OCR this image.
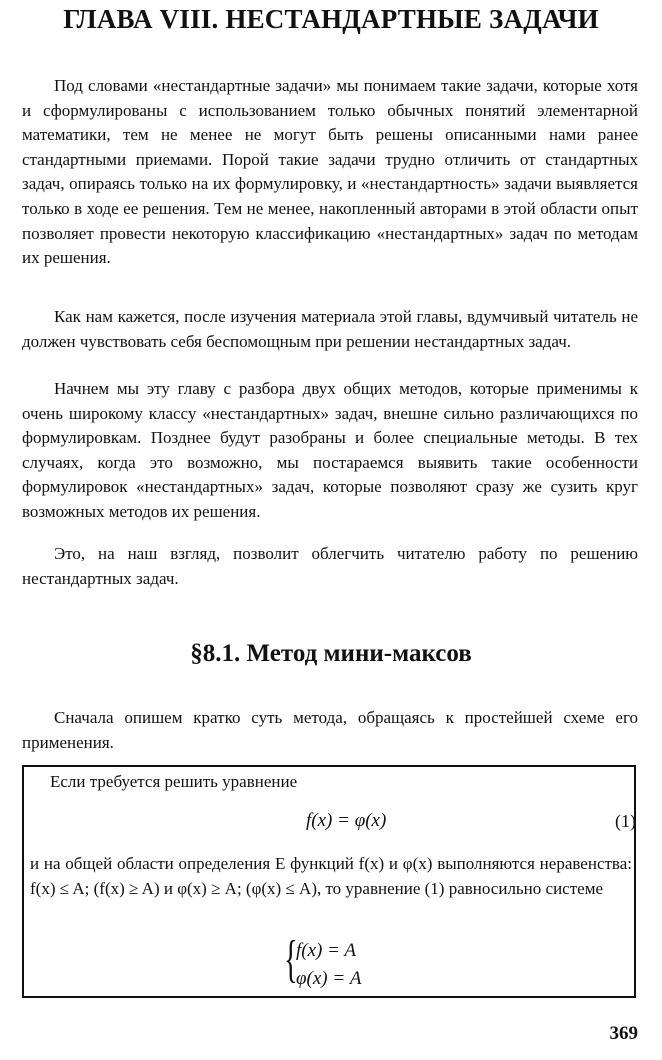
ГЛАВА VIII. НЕСТАНДАРТНЫЕ ЗАДАЧИ

Под словами «нестандартные задачи» мы понимаем такие задачи, которые хотя и сформулированы с использованием только обычных понятий элементарной математики, тем не менее не могут быть решены описанными нами ранее стандартными приемами. Порой такие задачи трудно отличить от стандартных задач, опираясь только на их формулировку, и «нестандартность» задачи выявляется только в ходе ее решения. Тем не менее, накопленный авторами в этой области опыт позволяет провести некоторую классификацию «нестандартных» задач по методам их решения.

Как нам кажется, после изучения материала этой главы, вдумчивый читатель не должен чувствовать себя беспомощным при решении нестандартных задач.

Начнем мы эту главу с разбора двух общих методов, которые применимы к очень широкому классу «нестандартных» задач, внешне сильно различающихся по формулировкам. Позднее будут разобраны и более специальные методы. В тех случаях, когда это возможно, мы постараемся выявить такие особенности формулировок «нестандартных» задач, которые позволяют сразу же сузить круг возможных методов их решения.

Это, на наш взгляд, позволит облегчить читателю работу по решению нестандартных задач.

§8.1. Метод мини-максов

Сначала опишем кратко суть метода, обращаясь к простейшей схеме его применения.

Если требуется решить уравнение
f(x) = φ(x)	(1)

и на общей области определения E функций f(x) и φ(x) выполняются неравенства: f(x) ≤ A; (f(x) ≥ A) и φ(x) ≥ A; (φ(x) ≤ A), то уравнение (1) равносильно системе

{
f(x) = A
φ(x) = A
369
